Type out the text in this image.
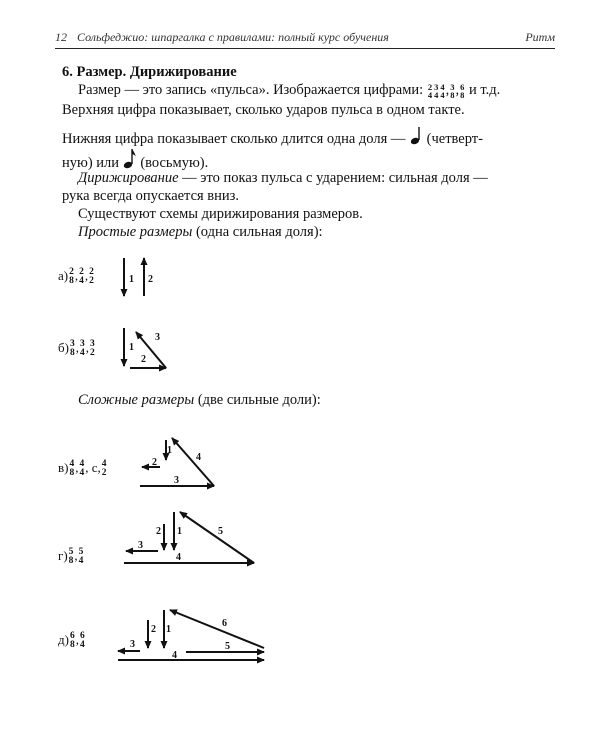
12 Сольфеджио: шпаргалка с правилами: полный курс обучения	Ритм
6. Размер. Дирижирование
Размер — это запись «пульса». Изображается цифрами: 2
4
3
4
4
4 , 3
8 , 6
8 и т.д.
Верхняя цифра показывает, сколько ударов пульса в одном такте.
Нижняя цифра показывает сколько длится одна доля — (четверт-
ную) или (восьмую).
Дирижирование — это показ пульса с ударением: сильная доля —
рука всегда опускается вниз.
Существуют схемы дирижирования размеров.
Простые размеры (одна сильная доля):
Сложные размеры (две сильные доли):
а) 2
8 , 2
4 , 2
2
б) 3
8 , 3
4 , 3
2
в) 4
8 , 4
4 , с, 4
2
г) 5
8 , 5
4
д) 6
8 , 6
4
1 2
1
2
3
1
2
3
4
1
2
3
4
5
1
2
3
4
5
6
